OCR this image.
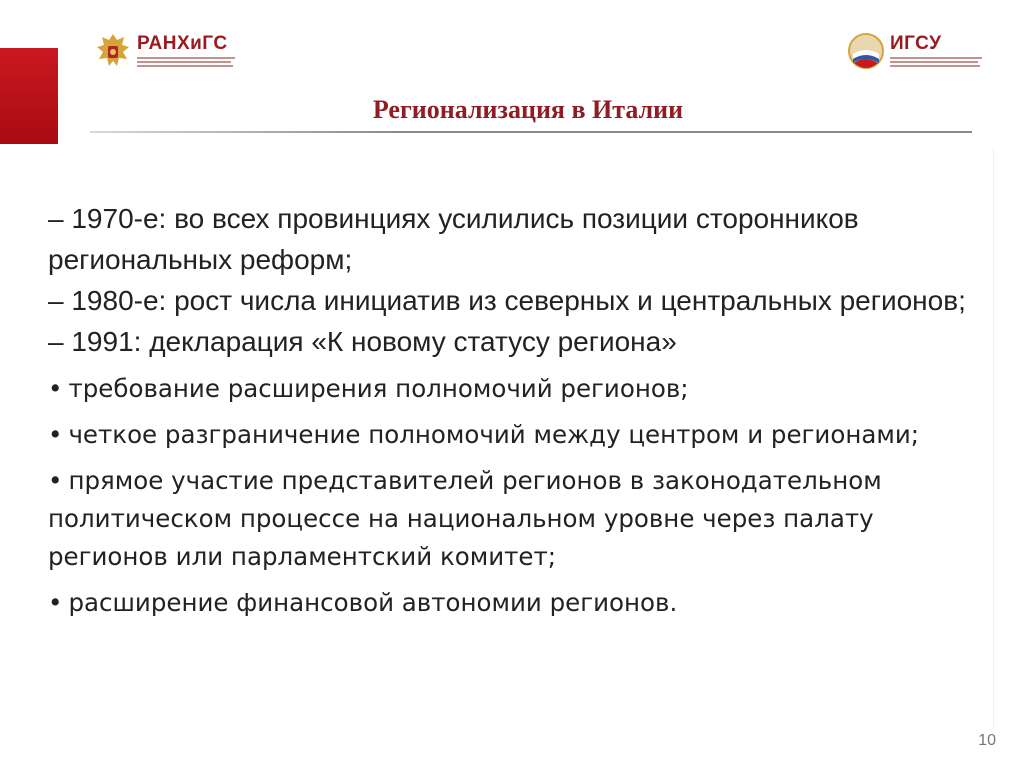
РАНХиГС	ИГСУ
Регионализация в Италии

– 1970-е: во всех провинциях усилились позиции сторонников региональных реформ;

– 1980-е: рост числа инициатив из северных и центральных регионов;

– 1991: декларация «К новому статусу региона»

• требование расширения полномочий регионов;

• четкое разграничение полномочий между центром и регионами;

• прямое участие представителей регионов в законодательном политическом процессе на национальном уровне через палату регионов или парламентский комитет;

• расширение финансовой автономии регионов.

10
